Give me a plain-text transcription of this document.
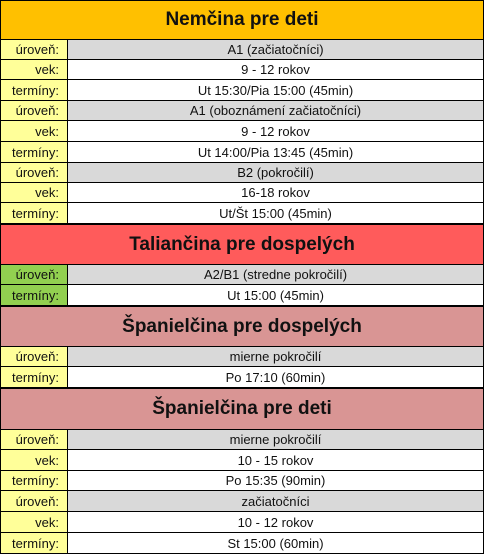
Nemčina pre deti
úroveň:	A1 (začiatočníci)
vek:	9 - 12 rokov
termíny:	Ut 15:30/Pia 15:00 (45min)
úroveň:	A1 (oboznámení začiatočníci)
vek:	9 - 12 rokov
termíny:	Ut 14:00/Pia 13:45 (45min)
úroveň:	B2 (pokročilí)
vek:	16-18 rokov
termíny:	Ut/Št 15:00 (45min)
Taliančina pre dospelých
úroveň:	A2/B1 (stredne pokročilí)
termíny:	Ut 15:00 (45min)
Španielčina pre dospelých
úroveň:	mierne pokročilí
termíny:	Po 17:10 (60min)
Španielčina pre deti
úroveň:	mierne pokročilí
vek:	10 - 15 rokov
termíny:	Po 15:35 (90min)
úroveň:	začiatočníci
vek:	10 - 12 rokov
termíny:	St 15:00 (60min)
